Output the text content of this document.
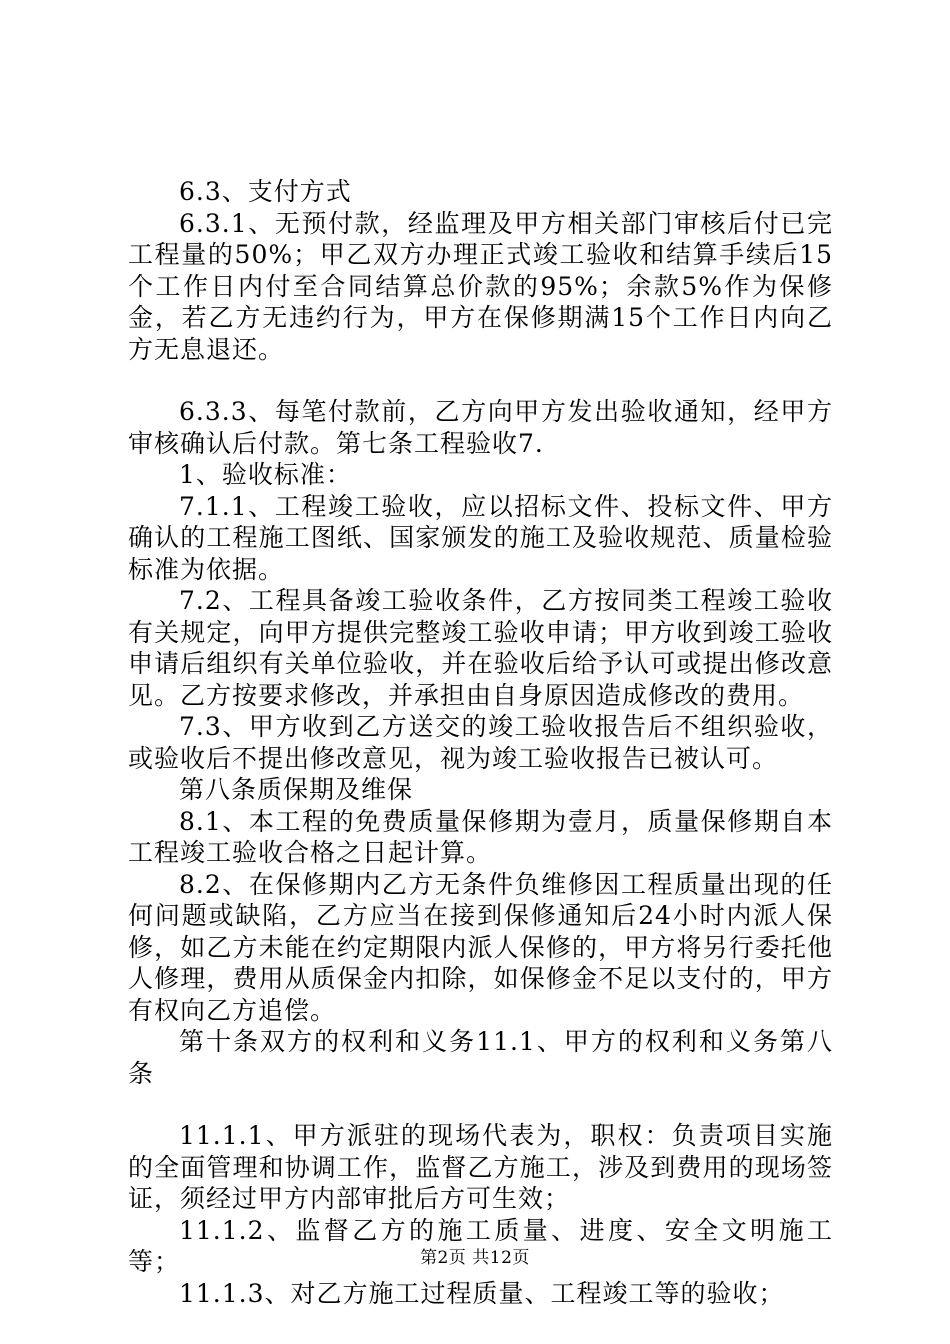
6.3、支付方式

6.3.1、无预付款，经监理及甲方相关部门审核后付已完工程量的50%；甲乙双方办理正式竣工验收和结算手续后15个工作日内付至合同结算总价款的95%；余款5%作为保修金，若乙方无违约行为，甲方在保修期满15个工作日内向乙方无息退还。

6.3.3、每笔付款前，乙方向甲方发出验收通知，经甲方审核确认后付款。第七条工程验收7.

1、验收标准：

7.1.1、工程竣工验收，应以招标文件、投标文件、甲方确认的工程施工图纸、国家颁发的施工及验收规范、质量检验标准为依据。

7.2、工程具备竣工验收条件，乙方按同类工程竣工验收有关规定，向甲方提供完整竣工验收申请；甲方收到竣工验收申请后组织有关单位验收，并在验收后给予认可或提出修改意见。乙方按要求修改，并承担由自身原因造成修改的费用。

7.3、甲方收到乙方送交的竣工验收报告后不组织验收，或验收后不提出修改意见，视为竣工验收报告已被认可。

第八条质保期及维保

8.1、本工程的免费质量保修期为壹月，质量保修期自本工程竣工验收合格之日起计算。

8.2、在保修期内乙方无条件负维修因工程质量出现的任何问题或缺陷，乙方应当在接到保修通知后24小时内派人保修，如乙方未能在约定期限内派人保修的，甲方将另行委托他人修理，费用从质保金内扣除，如保修金不足以支付的，甲方有权向乙方追偿。

第十条双方的权利和义务11.1、甲方的权利和义务第八条

11.1.1、甲方派驻的现场代表为，职权：负责项目实施的全面管理和协调工作，监督乙方施工，涉及到费用的现场签证，须经过甲方内部审批后方可生效；

11.1.2、监督乙方的施工质量、进度、安全文明施工等；

11.1.3、对乙方施工过程质量、工程竣工等的验收；

第2页 共12页
